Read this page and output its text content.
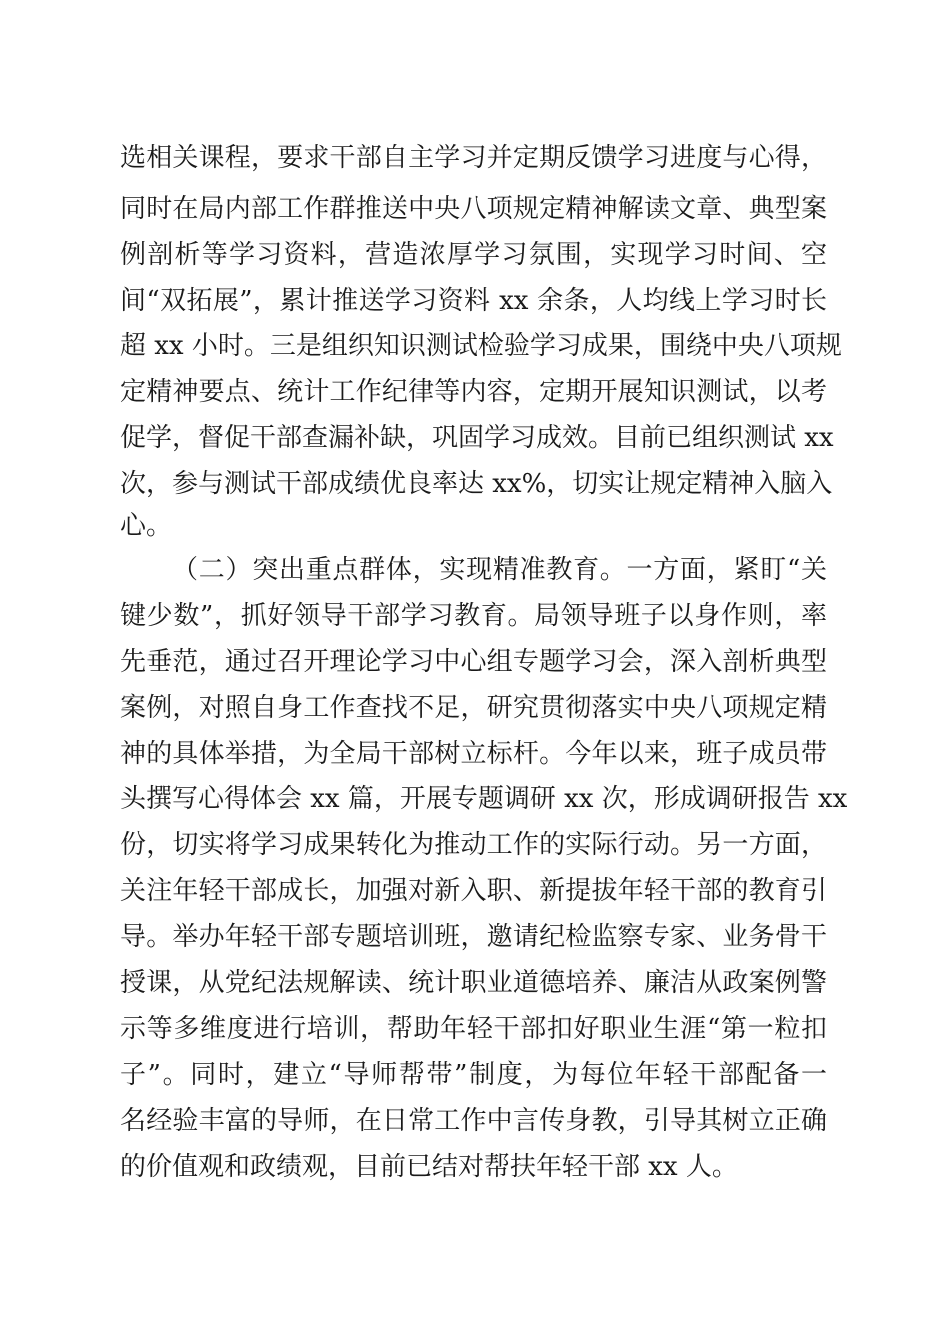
选相关课程，要求干部自主学习并定期反馈学习进度与心得，
同时在局内部工作群推送中央八项规定精神解读文章、典型案
例剖析等学习资料，营造浓厚学习氛围，实现学习时间、空
间“双拓展”，累计推送学习资料 xx 余条，人均线上学习时长
超 xx 小时。三是组织知识测试检验学习成果，围绕中央八项规
定精神要点、统计工作纪律等内容，定期开展知识测试，以考
促学，督促干部查漏补缺，巩固学习成效。目前已组织测试 xx
次，参与测试干部成绩优良率达 xx%，切实让规定精神入脑入
心。
（二）突出重点群体，实现精准教育。一方面，紧盯“关
键少数”，抓好领导干部学习教育。局领导班子以身作则，率
先垂范，通过召开理论学习中心组专题学习会，深入剖析典型
案例，对照自身工作查找不足，研究贯彻落实中央八项规定精
神的具体举措，为全局干部树立标杆。今年以来，班子成员带
头撰写心得体会 xx 篇，开展专题调研 xx 次，形成调研报告 xx
份，切实将学习成果转化为推动工作的实际行动。另一方面，
关注年轻干部成长，加强对新入职、新提拔年轻干部的教育引
导。举办年轻干部专题培训班，邀请纪检监察专家、业务骨干
授课，从党纪法规解读、统计职业道德培养、廉洁从政案例警
示等多维度进行培训，帮助年轻干部扣好职业生涯“第一粒扣
子”。同时，建立“导师帮带”制度，为每位年轻干部配备一
名经验丰富的导师，在日常工作中言传身教，引导其树立正确
的价值观和政绩观，目前已结对帮扶年轻干部 xx 人。
